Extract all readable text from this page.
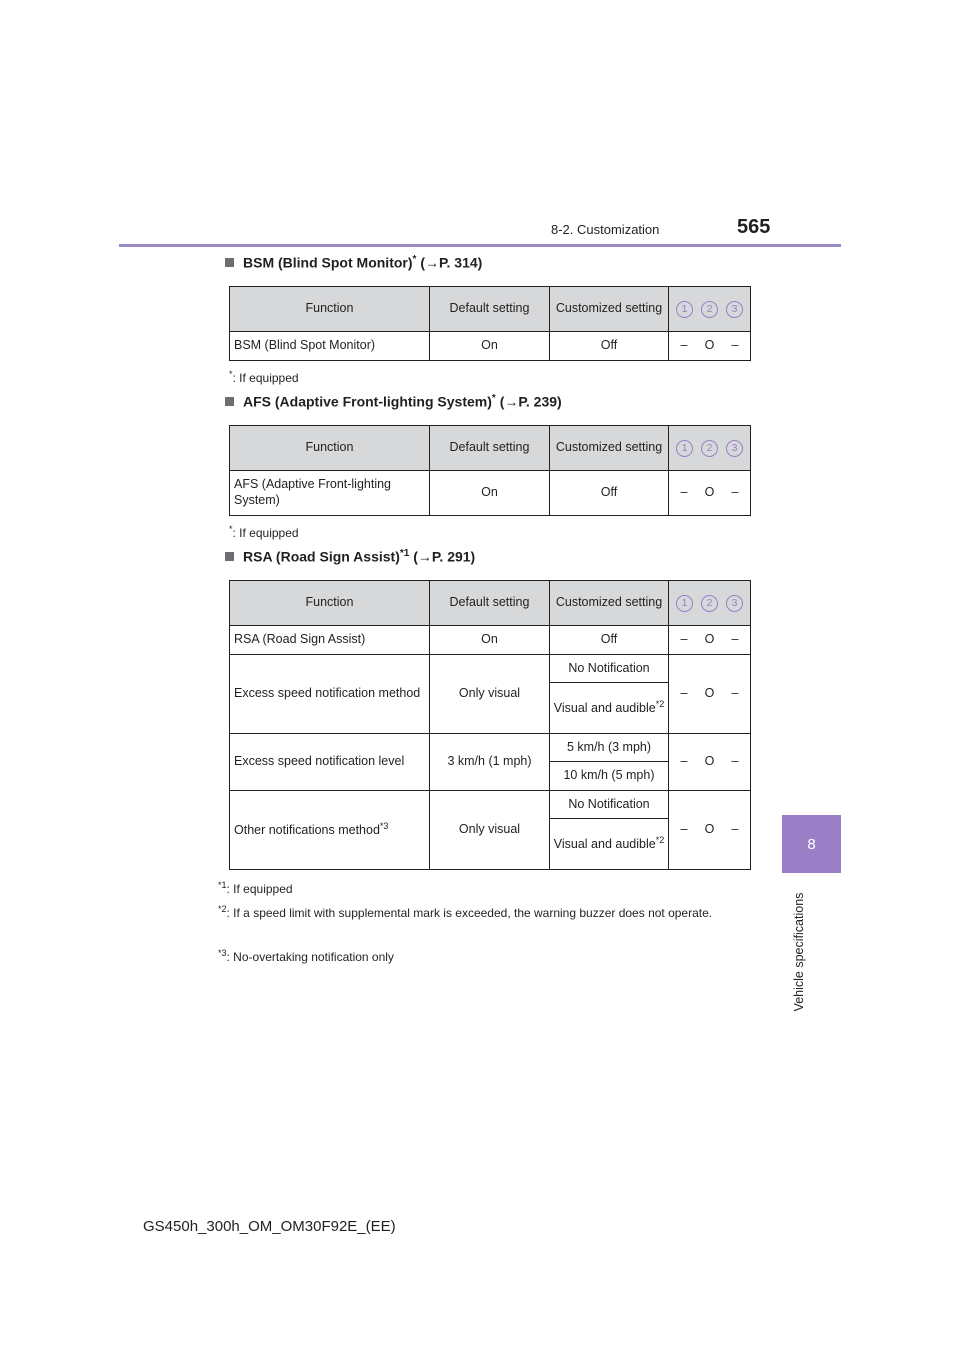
8-2. Customization	565
8
Vehicle specifications
BSM (Blind Spot Monitor)* (→P. 314)
Function	Default setting	Customized setting	1 2 3

BSM (Blind Spot Monitor)	On	Off	– O –
*: If equipped
AFS (Adaptive Front-lighting System)* (→P. 239)
Function	Default setting	Customized setting	1 2 3

AFS (Adaptive Front-lighting System)	On	Off	– O –
*: If equipped
RSA (Road Sign Assist)$^{*1}$ (→P. 291)
Function	Default setting	Customized setting	1 2 3

RSA (Road Sign Assist)	On	Off	– O –

Excess speed notification method	Only visual	No Notification	– O –

		Visual and audible$^{*2}$
Excess speed notification level	3 km/h (1 mph)	5 km/h (3 mph)	– O –

		10 km/h (5 mph)	
Other notifications method$^{*3}$	Only visual	No Notification	– O –

		Visual and audible$^{*2}$
$^{*1}$: If equipped
$^{*2}$: If a speed limit with supplemental mark is exceeded, the warning buzzer does not operate.
$^{*3}$: No-overtaking notification only
GS450h_300h_OM_OM30F92E_(EE)
